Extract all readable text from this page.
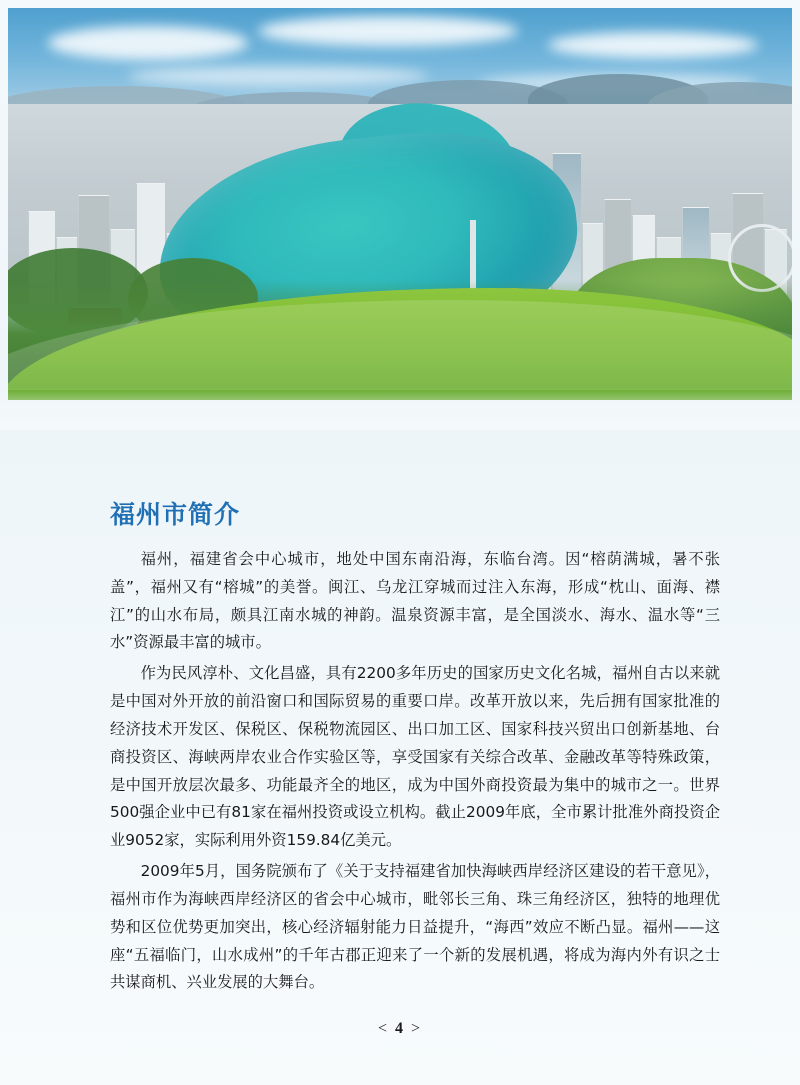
福州市简介

福州，福建省会中心城市，地处中国东南沿海，东临台湾。因“榕荫满城，暑不张盖”，福州又有“榕城”的美誉。闽江、乌龙江穿城而过注入东海，形成“枕山、面海、襟江”的山水布局，颇具江南水城的神韵。温泉资源丰富，是全国淡水、海水、温水等“三水”资源最丰富的城市。

作为民风淳朴、文化昌盛，具有2200多年历史的国家历史文化名城，福州自古以来就是中国对外开放的前沿窗口和国际贸易的重要口岸。改革开放以来，先后拥有国家批准的经济技术开发区、保税区、保税物流园区、出口加工区、国家科技兴贸出口创新基地、台商投资区、海峡两岸农业合作实验区等，享受国家有关综合改革、金融改革等特殊政策，是中国开放层次最多、功能最齐全的地区，成为中国外商投资最为集中的城市之一。世界500强企业中已有81家在福州投资或设立机构。截止2009年底，全市累计批准外商投资企业9052家，实际利用外资159.84亿美元。

2009年5月，国务院颁布了《关于支持福建省加快海峡西岸经济区建设的若干意见》，福州市作为海峡西岸经济区的省会中心城市，毗邻长三角、珠三角经济区，独特的地理优势和区位优势更加突出，核心经济辐射能力日益提升，“海西”效应不断凸显。福州——这座“五福临门，山水成州”的千年古郡正迎来了一个新的发展机遇，将成为海内外有识之士共谋商机、兴业发展的大舞台。

< 4 >
